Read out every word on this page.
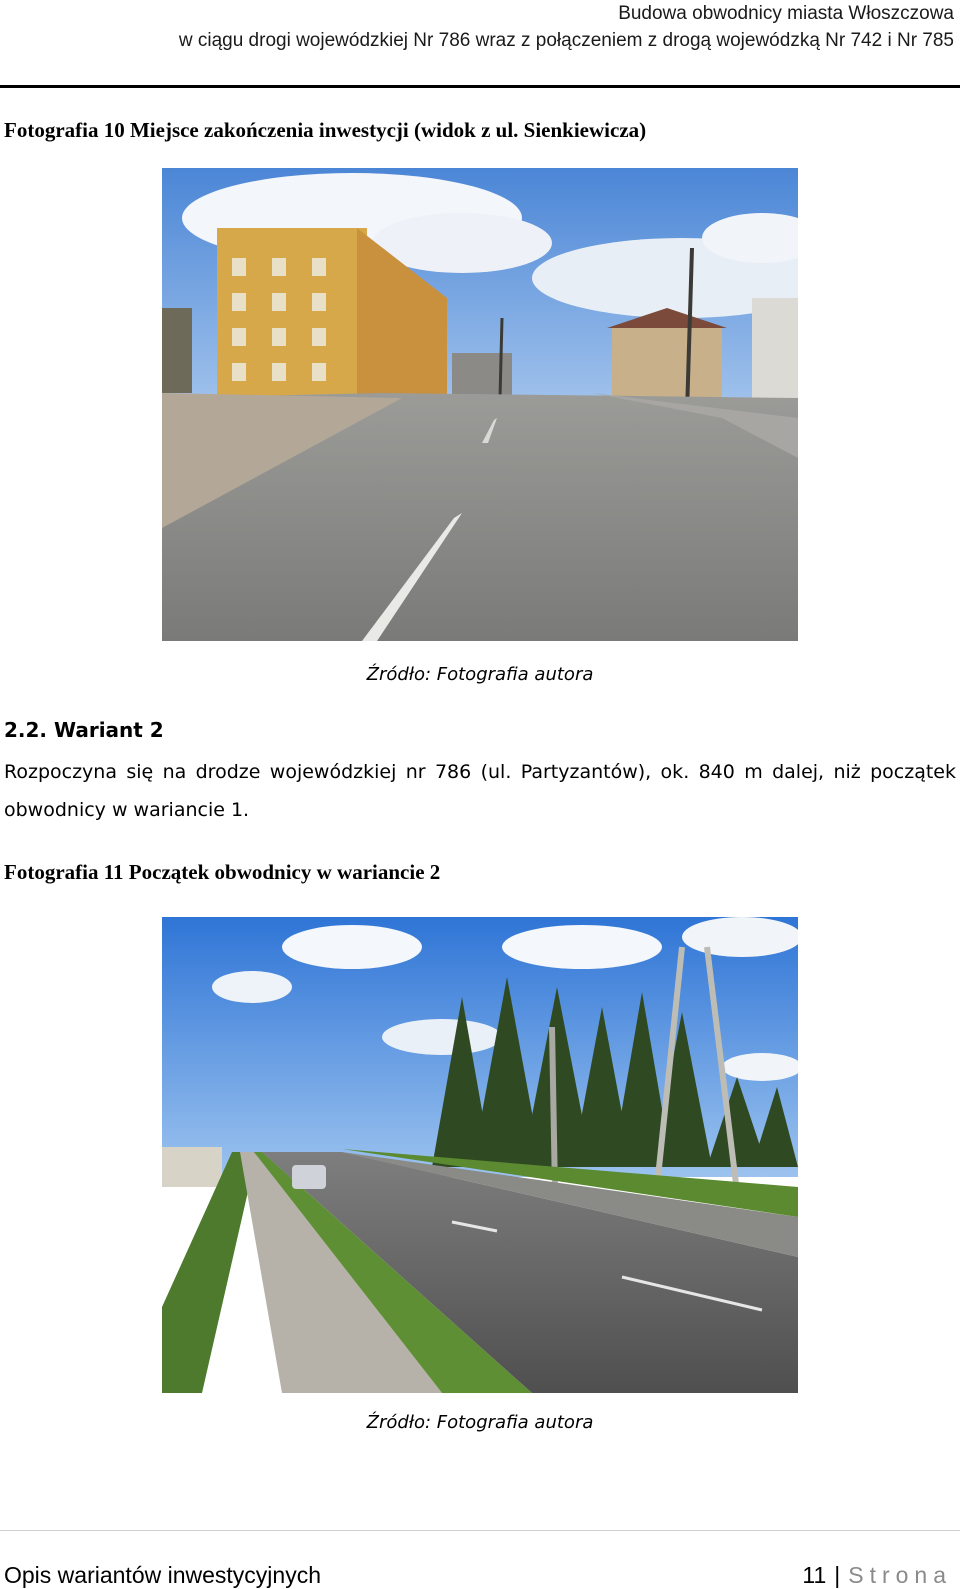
Budowa obwodnicy miasta Włoszczowa
w ciągu drogi wojewódzkiej Nr 786 wraz z połączeniem z drogą wojewódzką Nr 742 i Nr 785
Fotografia 10 Miejsce zakończenia inwestycji (widok z ul. Sienkiewicza)
Źródło: Fotografia autora
2.2. Wariant 2
Rozpoczyna się na drodze wojewódzkiej nr 786 (ul. Partyzantów), ok. 840 m dalej, niż początek obwodnicy w wariancie 1.
Fotografia 11 Początek obwodnicy w wariancie 2
Źródło: Fotografia autora
Opis wariantów inwestycyjnych	11 | Strona
